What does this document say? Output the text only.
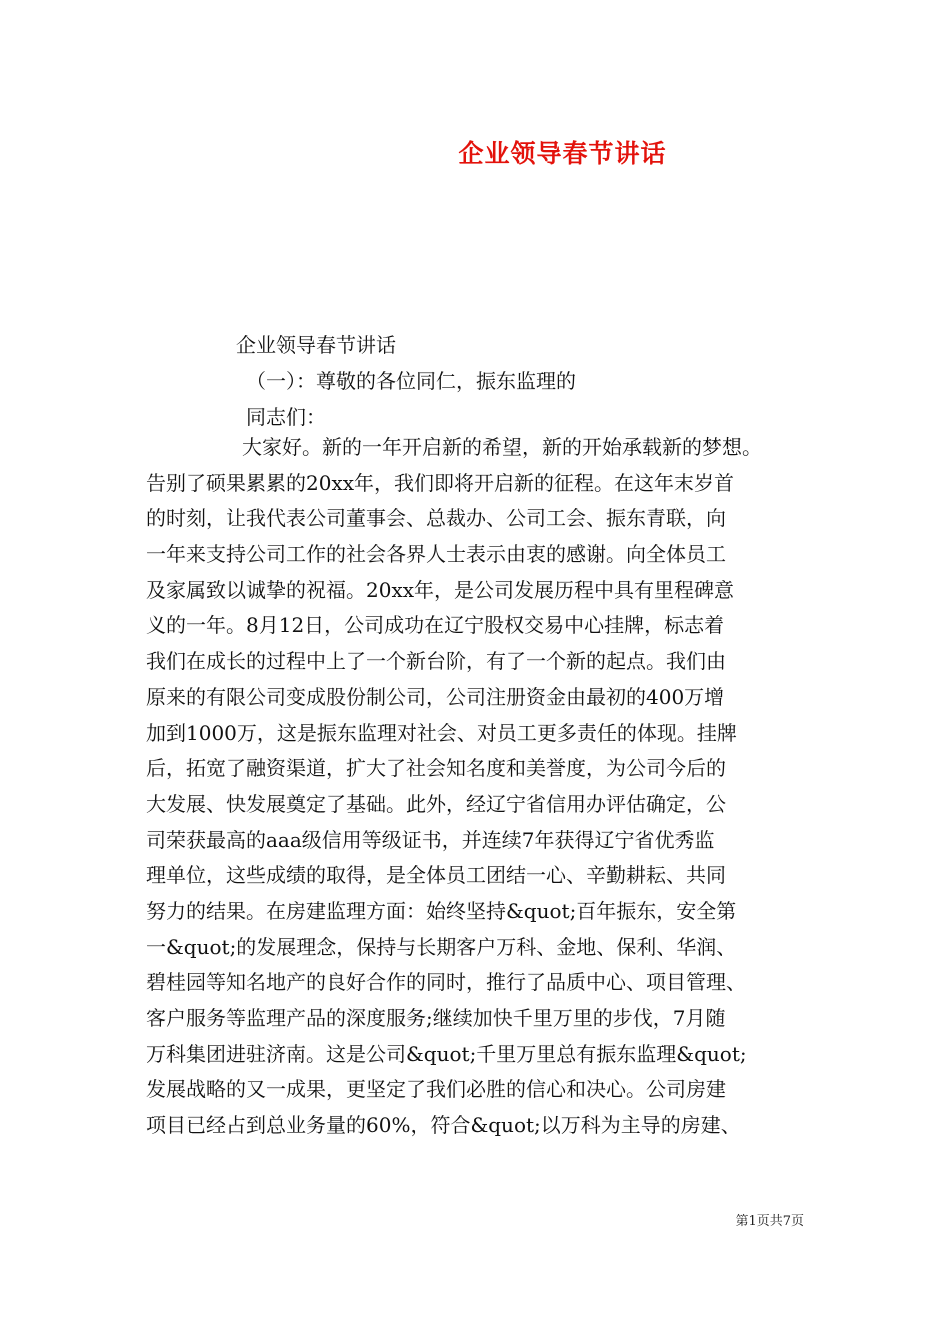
企业领导春节讲话
企业领导春节讲话
（一）：尊敬的各位同仁，振东监理的
同志们：
大家好。新的一年开启新的希望，新的开始承载新的梦想。
告别了硕果累累的20xx年，我们即将开启新的征程。在这年末岁首
的时刻，让我代表公司董事会、总裁办、公司工会、振东青联，向
一年来支持公司工作的社会各界人士表示由衷的感谢。向全体员工
及家属致以诚挚的祝福。20xx年，是公司发展历程中具有里程碑意
义的一年。8月12日，公司成功在辽宁股权交易中心挂牌，标志着
我们在成长的过程中上了一个新台阶，有了一个新的起点。我们由
原来的有限公司变成股份制公司，公司注册资金由最初的400万增
加到1000万，这是振东监理对社会、对员工更多责任的体现。挂牌
后，拓宽了融资渠道，扩大了社会知名度和美誉度，为公司今后的
大发展、快发展奠定了基础。此外，经辽宁省信用办评估确定，公
司荣获最高的aaa级信用等级证书，并连续7年获得辽宁省优秀监
理单位，这些成绩的取得，是全体员工团结一心、辛勤耕耘、共同
努力的结果。在房建监理方面：始终坚持&quot;百年振东，安全第
一&quot;的发展理念，保持与长期客户万科、金地、保利、华润、
碧桂园等知名地产的良好合作的同时，推行了品质中心、项目管理、
客户服务等监理产品的深度服务;继续加快千里万里的步伐，7月随
万科集团进驻济南。这是公司&quot;千里万里总有振东监理&quot;
发展战略的又一成果，更坚定了我们必胜的信心和决心。公司房建
项目已经占到总业务量的60%，符合&quot;以万科为主导的房建、
第1页共7页
